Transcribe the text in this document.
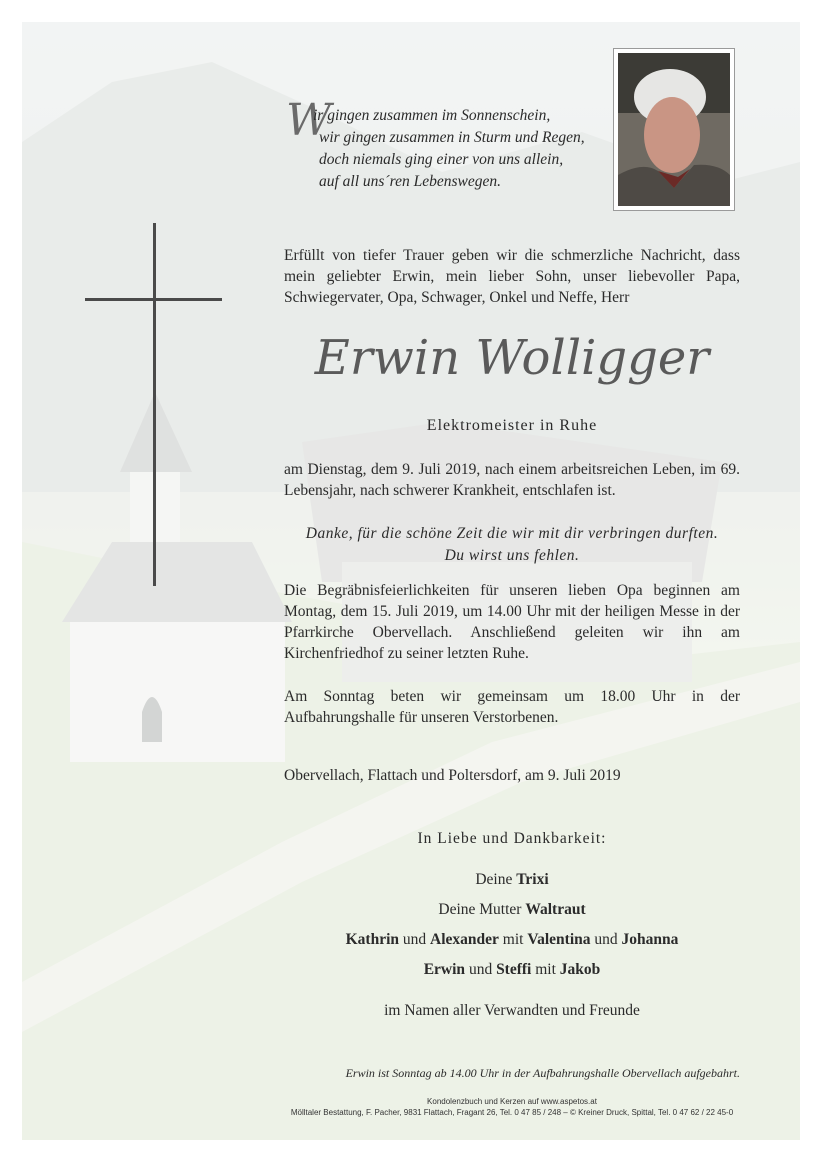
W
ir gingen zusammen im Sonnenschein,
wir gingen zusammen in Sturm und Regen,
doch niemals ging einer von uns allein,
auf all uns´ren Lebenswegen.
Erfüllt von tiefer Trauer geben wir die schmerzliche Nachricht, dass mein geliebter Erwin, mein lieber Sohn, unser liebevoller Papa, Schwiegervater, Opa, Schwager, Onkel und Neffe, Herr
Erwin Wolligger
Elektromeister in Ruhe
am Dienstag, dem 9. Juli 2019, nach einem arbeitsreichen Leben, im 69. Lebensjahr, nach schwerer Krankheit, entschlafen ist.
Danke, für die schöne Zeit die wir mit dir verbringen durften.
Du wirst uns fehlen.
Die Begräbnisfeierlichkeiten für unseren lieben Opa beginnen am Montag, dem 15. Juli 2019, um 14.00 Uhr mit der heiligen Messe in der Pfarrkirche Obervellach. Anschließend geleiten wir ihn am Kirchenfriedhof zu seiner letzten Ruhe.
Am Sonntag beten wir gemeinsam um 18.00 Uhr in der Aufbahrungshalle für unseren Verstorbenen.
Obervellach, Flattach und Poltersdorf, am 9. Juli 2019
In Liebe und Dankbarkeit:
Deine Trixi
Deine Mutter Waltraut
Kathrin und Alexander mit Valentina und Johanna
Erwin und Steffi mit Jakob
im Namen aller Verwandten und Freunde
Erwin ist Sonntag ab 14.00 Uhr in der Aufbahrungshalle Obervellach aufgebahrt.
Kondolenzbuch und Kerzen auf www.aspetos.at
Mölltaler Bestattung, F. Pacher, 9831 Flattach, Fragant 26, Tel. 0 47 85 / 248 – © Kreiner Druck, Spittal, Tel. 0 47 62 / 22 45-0
